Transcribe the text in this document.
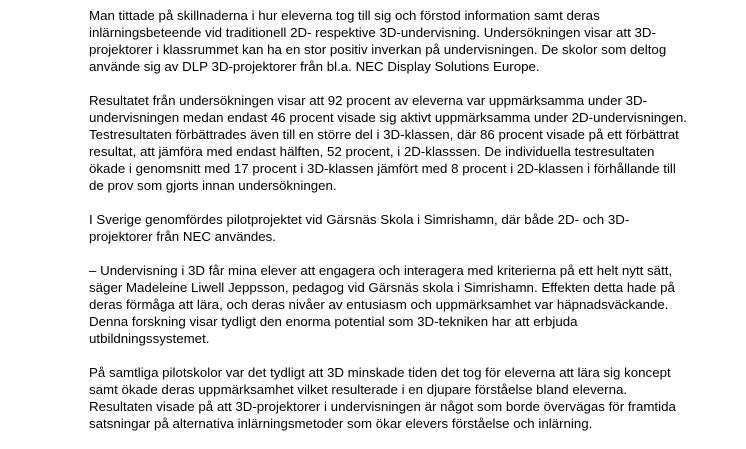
Man tittade på skillnaderna i hur eleverna tog till sig och förstod information samt deras
inlärningsbeteende vid traditionell 2D- respektive 3D-undervisning. Undersökningen visar att 3D-
projektorer i klassrummet kan ha en stor positiv inverkan på undervisningen. De skolor som deltog
använde sig av DLP 3D-projektorer från bl.a. NEC Display Solutions Europe.

Resultatet från undersökningen visar att 92 procent av eleverna var uppmärksamma under 3D-
undervisningen medan endast 46 procent visade sig aktivt uppmärksamma under 2D-undervisningen.
Testresultaten förbättrades även till en större del i 3D-klassen, där 86 procent visade på ett förbättrat
resultat, att jämföra med endast hälften, 52 procent, i 2D-klasssen. De individuella testresultaten
ökade i genomsnitt med 17 procent i 3D-klassen jämfört med 8 procent i 2D-klassen i förhållande till
de prov som gjorts innan undersökningen.

I Sverige genomfördes pilotprojektet vid Gärsnäs Skola i Simrishamn, där både 2D- och 3D-
projektorer från NEC användes.

– Undervisning i 3D får mina elever att engagera och interagera med kriterierna på ett helt nytt sätt,
säger Madeleine Liwell Jeppsson, pedagog vid Gärsnäs skola i Simrishamn. Effekten detta hade på
deras förmåga att lära, och deras nivåer av entusiasm och uppmärksamhet var häpnadsväckande.
Denna forskning visar tydligt den enorma potential som 3D-tekniken har att erbjuda
utbildningssystemet.

På samtliga pilotskolor var det tydligt att 3D minskade tiden det tog för eleverna att lära sig koncept
samt ökade deras uppmärksamhet vilket resulterade i en djupare förståelse bland eleverna.
Resultaten visade på att 3D-projektorer i undervisningen är något som borde övervägas för framtida
satsningar på alternativa inlärningsmetoder som ökar elevers förståelse och inlärning.
